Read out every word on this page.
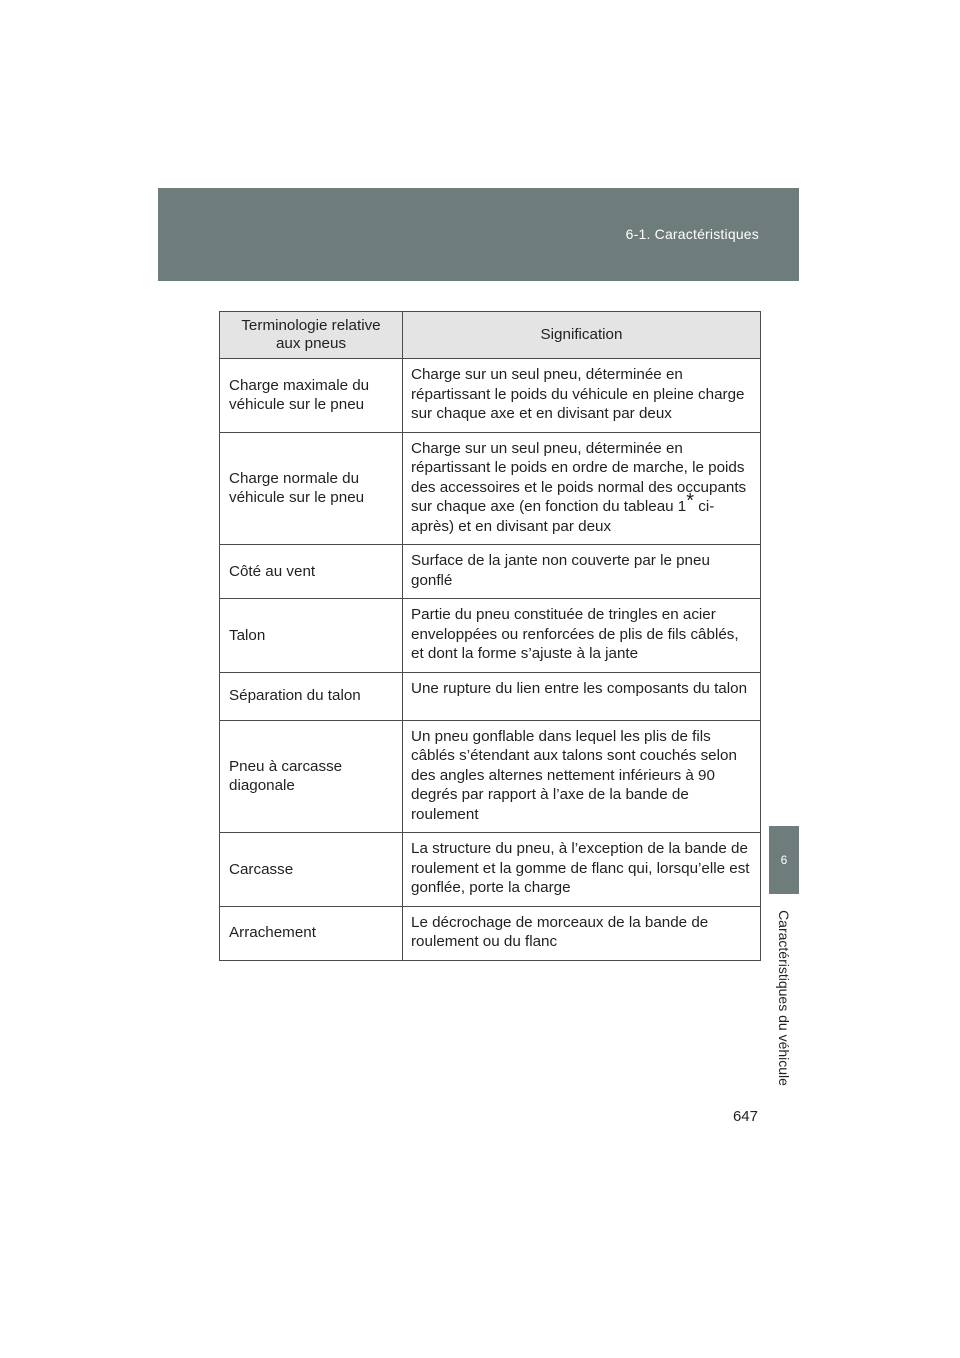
6-1. Caractéristiques
6
Caractéristiques du véhicule
Terminologie relative aux pneus	Signification
Charge maximale du véhicule sur le pneu	Charge sur un seul pneu, déterminée en répartissant le poids du véhicule en pleine charge sur chaque axe et en divisant par deux
Charge normale du véhicule sur le pneu	Charge sur un seul pneu, déterminée en répartissant le poids en ordre de marche, le poids des accessoires et le poids normal des occupants sur chaque axe (en fonction du tableau 1* ci-après) et en divisant par deux
Côté au vent	Surface de la jante non couverte par le pneu gonflé
Talon	Partie du pneu constituée de tringles en acier enveloppées ou renforcées de plis de fils câblés, et dont la forme s’ajuste à la jante
Séparation du talon	Une rupture du lien entre les composants du talon
Pneu à carcasse diagonale	Un pneu gonflable dans lequel les plis de fils câblés s’étendant aux talons sont couchés selon des angles alternes nettement inférieurs à 90 degrés par rapport à l’axe de la bande de roulement
Carcasse	La structure du pneu, à l’exception de la bande de roulement et la gomme de flanc qui, lorsqu’elle est gonflée, porte la charge
Arrachement	Le décrochage de morceaux de la bande de roulement ou du flanc
647
